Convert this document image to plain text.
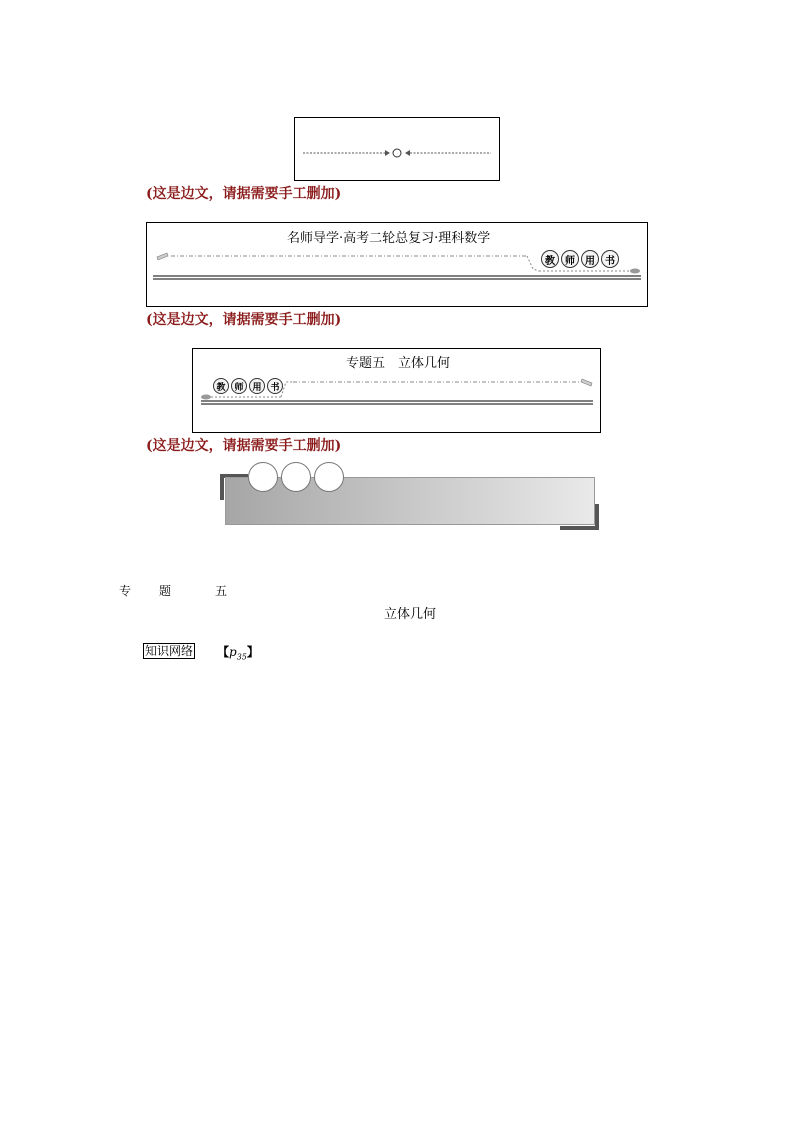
(这是边文，请据需要手工删加)
名师导学·高考二轮总复习·理科数学
教	师	用	书
(这是边文，请据需要手工删加)
专题五　立体几何
教 师 用 书
(这是边文，请据需要手工删加)
专 题	五
立体几何
知识网络 【$p_{35}$】
